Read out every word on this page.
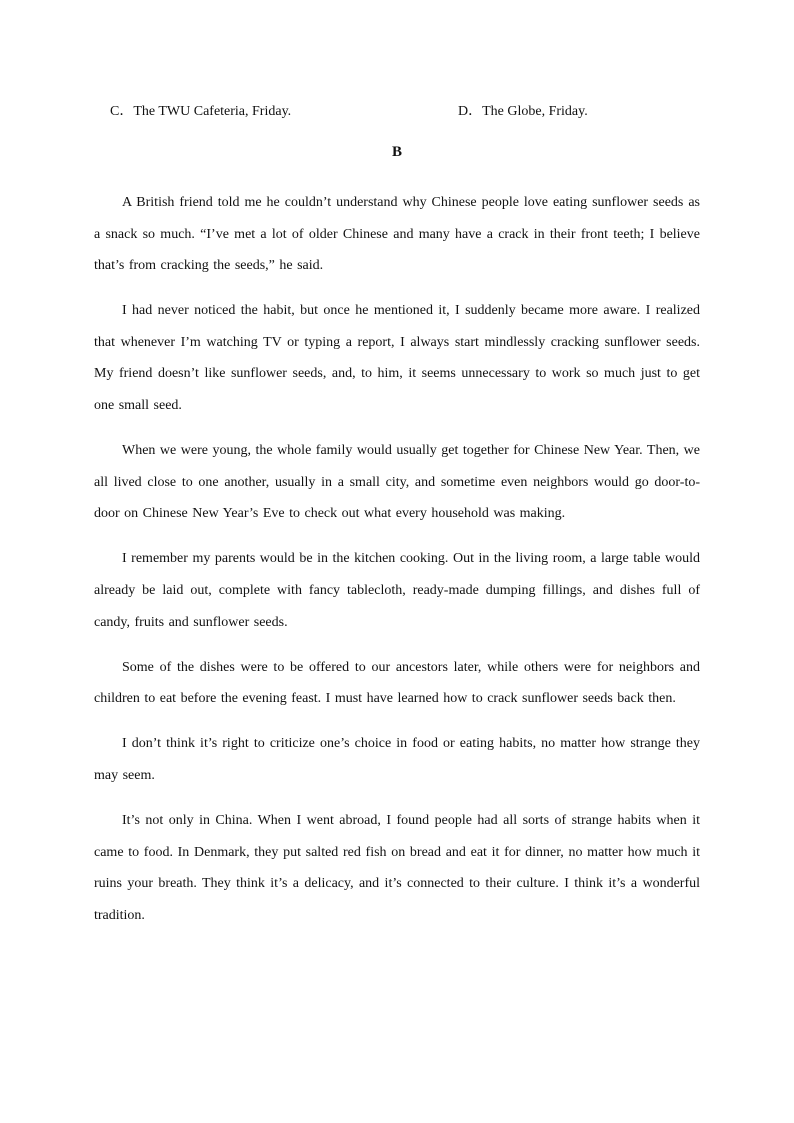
C．The TWU Cafeteria, Friday.	D．The Globe, Friday.
B

A British friend told me he couldn’t understand why Chinese people love eating sunflower seeds as a snack so much. “I’ve met a lot of older Chinese and many have a crack in their front teeth; I believe that’s from cracking the seeds,” he said.

I had never noticed the habit, but once he mentioned it, I suddenly became more aware. I realized that whenever I’m watching TV or typing a report, I always start mindlessly cracking sunflower seeds. My friend doesn’t like sunflower seeds, and, to him, it seems unnecessary to work so much just to get one small seed.

When we were young, the whole family would usually get together for Chinese New Year. Then, we all lived close to one another, usually in a small city, and sometime even neighbors would go door-to-door on Chinese New Year’s Eve to check out what every household was making.

I remember my parents would be in the kitchen cooking. Out in the living room, a large table would already be laid out, complete with fancy tablecloth, ready-made dumping fillings, and dishes full of candy, fruits and sunflower seeds.

Some of the dishes were to be offered to our ancestors later, while others were for neighbors and children to eat before the evening feast. I must have learned how to crack sunflower seeds back then.

I don’t think it’s right to criticize one’s choice in food or eating habits, no matter how strange they may seem.

It’s not only in China. When I went abroad, I found people had all sorts of strange habits when it came to food. In Denmark, they put salted red fish on bread and eat it for dinner, no matter how much it ruins your breath. They think it’s a delicacy, and it’s connected to their culture. I think it’s a wonderful tradition.
